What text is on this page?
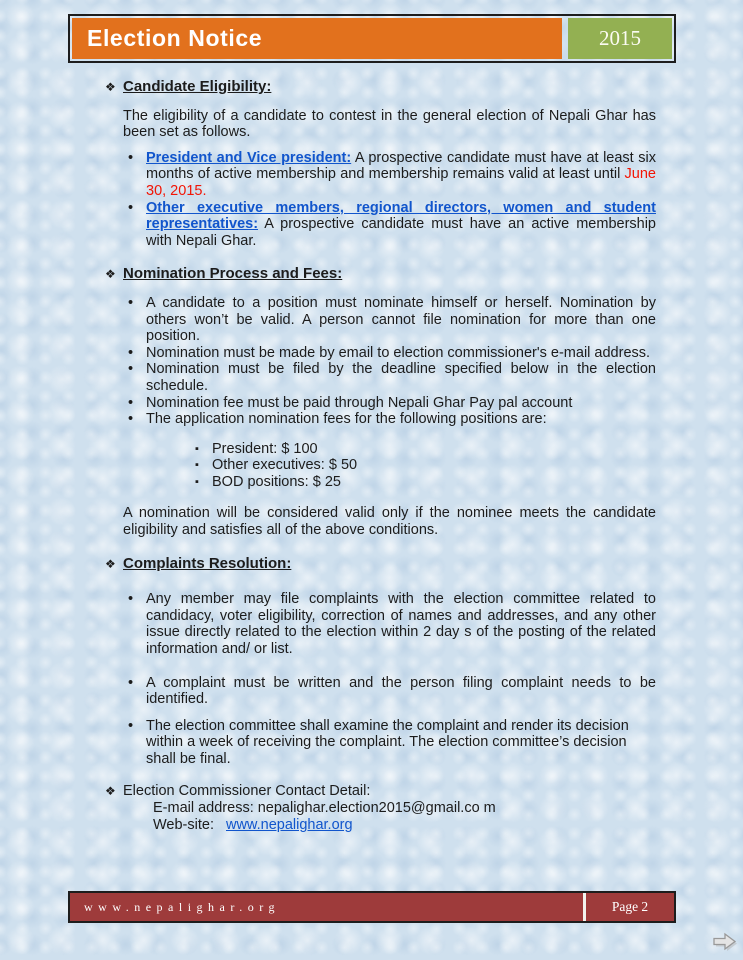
Election Notice	2015
❖ Candidate Eligibility:

The eligibility of a candidate to contest in the general election of Nepali Ghar has been set as follows.

• President and Vice president: A prospective candidate must have at least six months of active membership and membership remains valid at least until June 30, 2015.
• Other executive members, regional directors, women and student representatives: A prospective candidate must have an active membership with Nepali Ghar.
❖ Nomination Process and Fees:
• A candidate to a position must nominate himself or herself. Nomination by others won’t be valid. A person cannot file nomination for more than one position.
• Nomination must be made by email to election commissioner's e-mail address.
• Nomination must be filed by the deadline specified below in the election schedule.
• Nomination fee must be paid through Nepali Ghar Pay pal account
• The application nomination fees for the following positions are:
▪ President: $ 100
▪ Other executives: $ 50
▪ BOD positions: $ 25

A nomination will be considered valid only if the nominee meets the candidate eligibility and satisfies all of the above conditions.

❖ Complaints Resolution:
• Any member may file complaints with the election committee related to candidacy, voter eligibility, correction of names and addresses, and any other issue directly related to the election within 2 day s of the posting of the related information and/ or list.
• A complaint must be written and the person filing complaint needs to be identified.
• The election committee shall examine the complaint and render its decision within a week of receiving the complaint. The election committee’s decision shall be final.
❖ Election Commissioner Contact Detail:
E-mail address: nepalighar.election2015@gmail.co m
Web-site: www.nepalighar.org
www.nepalighar.org	Page 2
